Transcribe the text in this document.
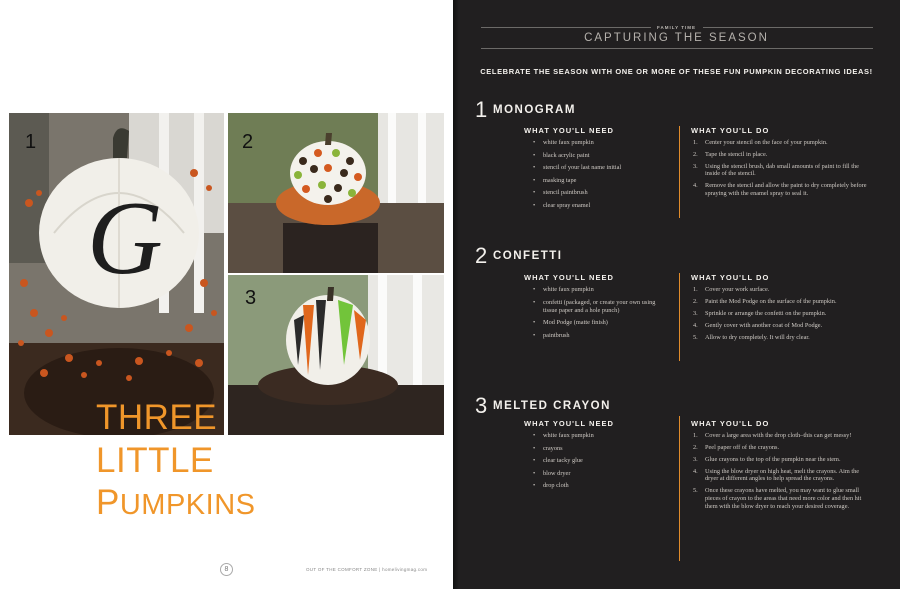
G
1	2
3
THREE
LITTLE
PUMPKINS
8	OUT OF THE COMFORT ZONE | homelivingmag.com
FAMILY TIME
CAPTURING THE SEASON
CELEBRATE THE SEASON WITH ONE OR MORE OF THESE FUN PUMPKIN DECORATING IDEAS!
1 MONOGRAM
WHAT YOU'LL NEED	WHAT YOU'LL DO
• white faux pumpkin
• black acrylic paint
• stencil of your last name initial
• masking tape
• stencil paintbrush
• clear spray enamel
1. Center your stencil on the face of your pumpkin.
2. Tape the stencil in place.
3. Using the stencil brush, dab small amounts of paint to fill the inside of the stencil.
4. Remove the stencil and allow the paint to dry completely before spraying with the enamel spray to seal it.
2 CONFETTI
WHAT YOU'LL NEED	WHAT YOU'LL DO
• white faux pumpkin
• confetti (packaged, or create your own using tissue paper and a hole punch)
• Mod Podge (matte finish)
• paintbrush
1. Cover your work surface.
2. Paint the Mod Podge on the surface of the pumpkin.
3. Sprinkle or arrange the confetti on the pumpkin.
4. Gently cover with another coat of Mod Podge.
5. Allow to dry completely. It will dry clear.
3 MELTED CRAYON
WHAT YOU'LL NEED	WHAT YOU'LL DO
• white faux pumpkin
• crayons
• clear tacky glue
• blow dryer
• drop cloth
1. Cover a large area with the drop cloth–this can get messy!
2. Peel paper off of the crayons.
3. Glue crayons to the top of the pumpkin near the stem.
4. Using the blow dryer on high heat, melt the crayons. Aim the dryer at different angles to help spread the crayons.
5. Once these crayons have melted, you may want to glue small pieces of crayon to the areas that need more color and then hit them with the blow dryer to reach your desired coverage.
